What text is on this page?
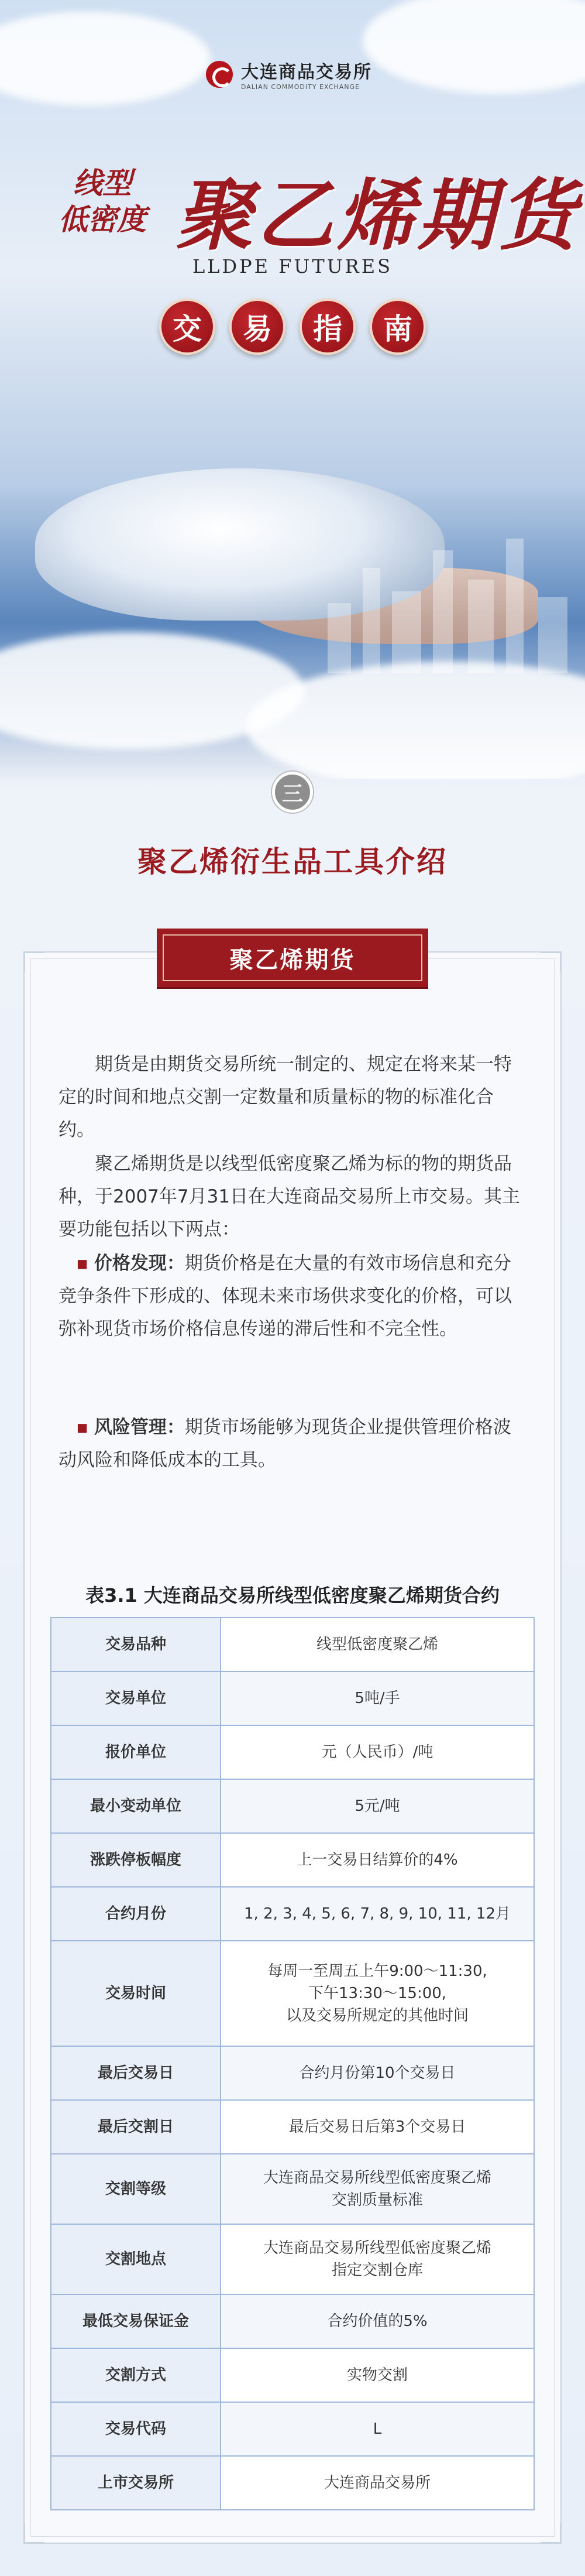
大连商品交易所
DALIAN COMMODITY EXCHANGE
线型
低密度 聚乙烯期货
LLDPE FUTURES
交	易	指	南
三
聚乙烯衍生品工具介绍
聚乙烯期货

期货是由期货交易所统一制定的、规定在将来某一特定的时间和地点交割一定数量和质量标的物的标准化合约。

聚乙烯期货是以线型低密度聚乙烯为标的物的期货品种，于2007年7月31日在大连商品交易所上市交易。其主要功能包括以下两点：

▪ 价格发现：期货价格是在大量的有效市场信息和充分竞争条件下形成的、体现未来市场供求变化的价格，可以弥补现货市场价格信息传递的滞后性和不完全性。

▪ 风险管理：期货市场能够为现货企业提供管理价格波动风险和降低成本的工具。

表3.1 大连商品交易所线型低密度聚乙烯期货合约
交易品种	线型低密度聚乙烯
交易单位	5吨/手
报价单位	元（人民币）/吨
最小变动单位	5元/吨
涨跌停板幅度	上一交易日结算价的4%
合约月份	1, 2, 3, 4, 5, 6, 7, 8, 9, 10, 11, 12月
交易时间	每周一至周五上午9:00～11:30,
下午13:30～15:00,
以及交易所规定的其他时间

最后交易日	合约月份第10个交易日
最后交割日	最后交易日后第3个交易日
交割等级	大连商品交易所线型低密度聚乙烯
交割质量标准

交割地点	大连商品交易所线型低密度聚乙烯
指定交割仓库

最低交易保证金	合约价值的5%
交割方式	实物交割
交易代码	L
上市交易所	大连商品交易所
